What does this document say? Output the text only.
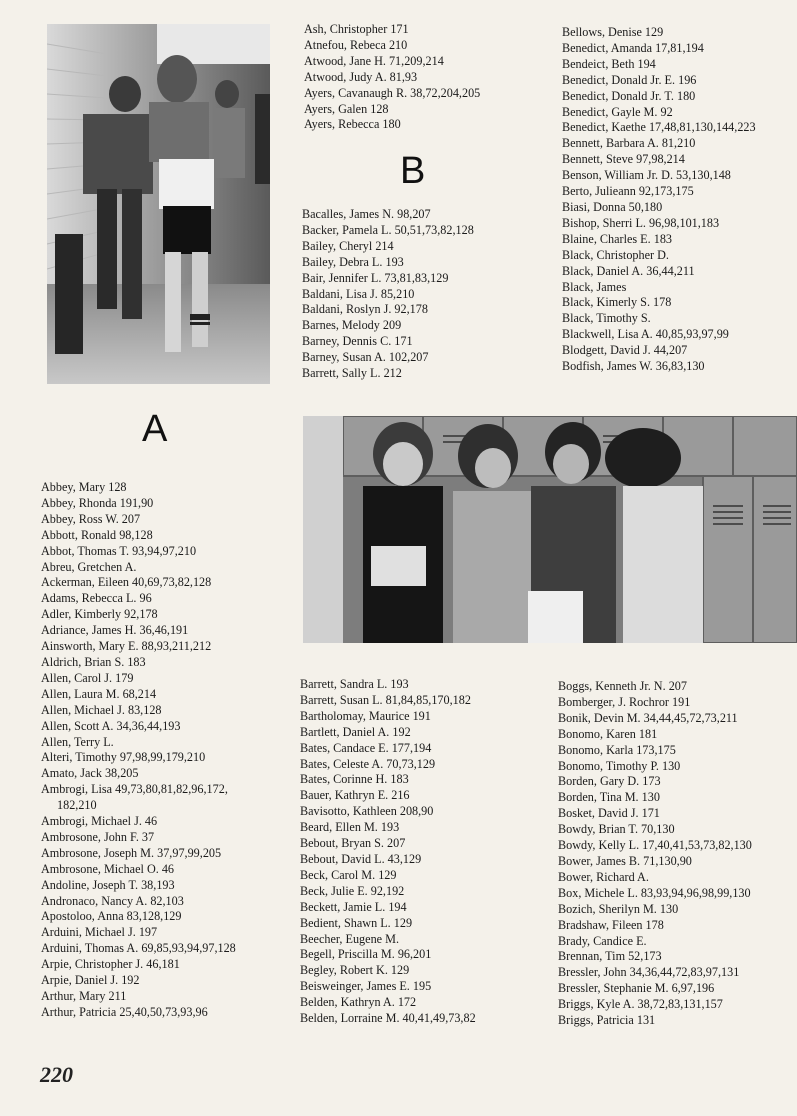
A
B
Abbey, Mary 128
Abbey, Rhonda 191,90
Abbey, Ross W. 207
Abbott, Ronald 98,128
Abbot, Thomas T. 93,94,97,210
Abreu, Gretchen A.
Ackerman, Eileen 40,69,73,82,128
Adams, Rebecca L. 96
Adler, Kimberly 92,178
Adriance, James H. 36,46,191
Ainsworth, Mary E. 88,93,211,212
Aldrich, Brian S. 183
Allen, Carol J. 179
Allen, Laura M. 68,214
Allen, Michael J. 83,128
Allen, Scott A. 34,36,44,193
Allen, Terry L.
Alteri, Timothy 97,98,99,179,210
Amato, Jack 38,205
Ambrogi, Lisa 49,73,80,81,82,96,172,
182,210
Ambrogi, Michael J. 46
Ambrosone, John F. 37
Ambrosone, Joseph M. 37,97,99,205
Ambrosone, Michael O. 46
Andoline, Joseph T. 38,193
Andronaco, Nancy A. 82,103
Apostoloo, Anna 83,128,129
Arduini, Michael J. 197
Arduini, Thomas A. 69,85,93,94,97,128
Arpie, Christopher J. 46,181
Arpie, Daniel J. 192
Arthur, Mary 211
Arthur, Patricia 25,40,50,73,93,96
Ash, Christopher 171
Atnefou, Rebeca 210
Atwood, Jane H. 71,209,214
Atwood, Judy A. 81,93
Ayers, Cavanaugh R. 38,72,204,205
Ayers, Galen 128
Ayers, Rebecca 180
Bacalles, James N. 98,207
Backer, Pamela L. 50,51,73,82,128
Bailey, Cheryl 214
Bailey, Debra L. 193
Bair, Jennifer L. 73,81,83,129
Baldani, Lisa J. 85,210
Baldani, Roslyn J. 92,178
Barnes, Melody 209
Barney, Dennis C. 171
Barney, Susan A. 102,207
Barrett, Sally L. 212
Barrett, Sandra L. 193
Barrett, Susan L. 81,84,85,170,182
Bartholomay, Maurice 191
Bartlett, Daniel A. 192
Bates, Candace E. 177,194
Bates, Celeste A. 70,73,129
Bates, Corinne H. 183
Bauer, Kathryn E. 216
Bavisotto, Kathleen 208,90
Beard, Ellen M. 193
Bebout, Bryan S. 207
Bebout, David L. 43,129
Beck, Carol M. 129
Beck, Julie E. 92,192
Beckett, Jamie L. 194
Bedient, Shawn L. 129
Beecher, Eugene M.
Begell, Priscilla M. 96,201
Begley, Robert K. 129
Beisweinger, James E. 195
Belden, Kathryn A. 172
Belden, Lorraine M. 40,41,49,73,82
Bellows, Denise 129
Benedict, Amanda 17,81,194
Bendeict, Beth 194
Benedict, Donald Jr. E. 196
Benedict, Donald Jr. T. 180
Benedict, Gayle M. 92
Benedict, Kaethe 17,48,81,130,144,223
Bennett, Barbara A. 81,210
Bennett, Steve 97,98,214
Benson, William Jr. D. 53,130,148
Berto, Julieann 92,173,175
Biasi, Donna 50,180
Bishop, Sherri L. 96,98,101,183
Blaine, Charles E. 183
Black, Christopher D.
Black, Daniel A. 36,44,211
Black, James
Black, Kimerly S. 178
Black, Timothy S.
Blackwell, Lisa A. 40,85,93,97,99
Blodgett, David J. 44,207
Bodfish, James W. 36,83,130
Boggs, Kenneth Jr. N. 207
Bomberger, J. Rochror 191
Bonik, Devin M. 34,44,45,72,73,211
Bonomo, Karen 181
Bonomo, Karla 173,175
Bonomo, Timothy P. 130
Borden, Gary D. 173
Borden, Tina M. 130
Bosket, David J. 171
Bowdy, Brian T. 70,130
Bowdy, Kelly L. 17,40,41,53,73,82,130
Bower, James B. 71,130,90
Bower, Richard A.
Box, Michele L. 83,93,94,96,98,99,130
Bozich, Sherilyn M. 130
Bradshaw, Fileen 178
Brady, Candice E.
Brennan, Tim 52,173
Bressler, John 34,36,44,72,83,97,131
Bressler, Stephanie M. 6,97,196
Briggs, Kyle A. 38,72,83,131,157
Briggs, Patricia 131
220
